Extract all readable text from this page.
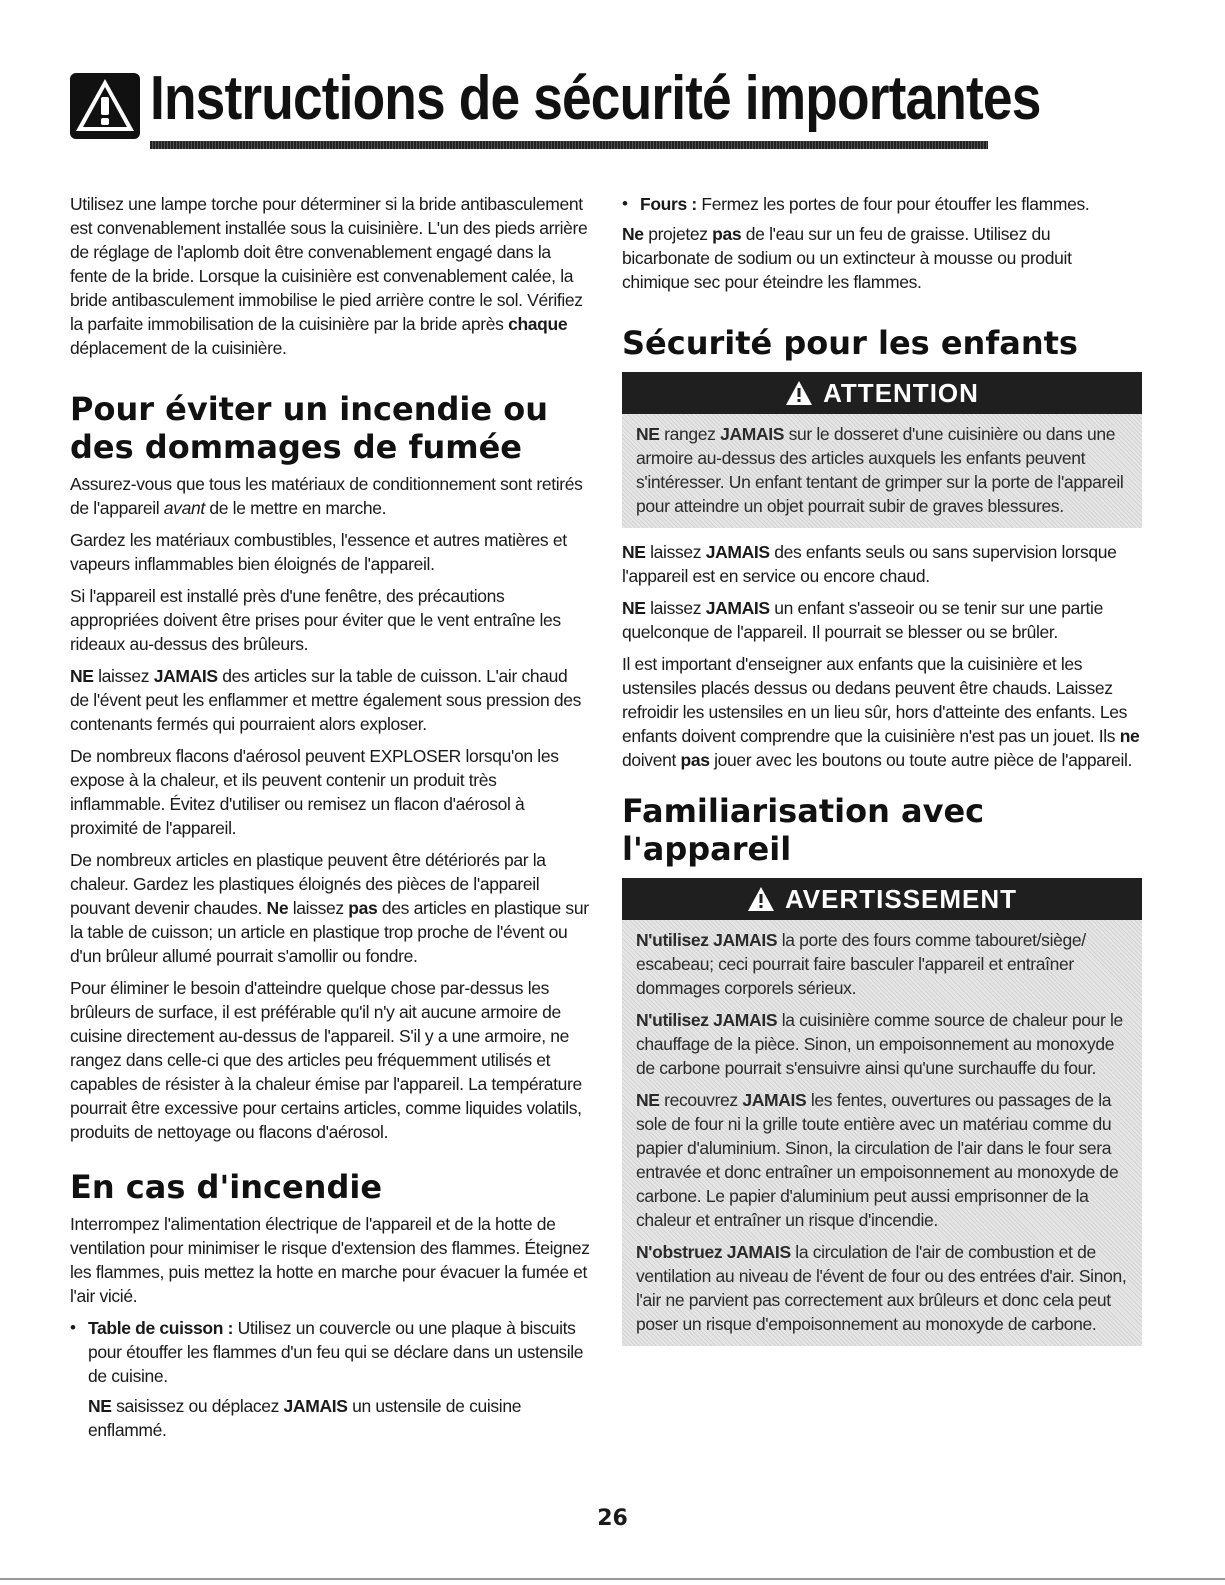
Instructions de sécurité importantes

Utilisez une lampe torche pour déterminer si la bride antibasculement est convenablement installée sous la cuisinière. L'un des pieds arrière de réglage de l'aplomb doit être convenablement engagé dans la fente de la bride. Lorsque la cuisinière est convenablement calée, la bride antibasculement immobilise le pied arrière contre le sol. Vérifiez la parfaite immobilisation de la cuisinière par la bride après chaque déplacement de la cuisinière.

Pour éviter un incendie ou des dommages de fumée

Assurez-vous que tous les matériaux de conditionnement sont retirés de l'appareil avant de le mettre en marche.

Gardez les matériaux combustibles, l'essence et autres matières et vapeurs inflammables bien éloignés de l'appareil.

Si l'appareil est installé près d'une fenêtre, des précautions appropriées doivent être prises pour éviter que le vent entraîne les rideaux au-dessus des brûleurs.

NE laissez JAMAIS des articles sur la table de cuisson. L'air chaud de l'évent peut les enflammer et mettre également sous pression des contenants fermés qui pourraient alors exploser.

De nombreux flacons d'aérosol peuvent EXPLOSER lorsqu'on les expose à la chaleur, et ils peuvent contenir un produit très inflammable. Évitez d'utiliser ou remisez un flacon d'aérosol à proximité de l'appareil.

De nombreux articles en plastique peuvent être détériorés par la chaleur. Gardez les plastiques éloignés des pièces de l'appareil pouvant devenir chaudes. Ne laissez pas des articles en plastique sur la table de cuisson; un article en plastique trop proche de l'évent ou d'un brûleur allumé pourrait s'amollir ou fondre.

Pour éliminer le besoin d'atteindre quelque chose par-dessus les brûleurs de surface, il est préférable qu'il n'y ait aucune armoire de cuisine directement au-dessus de l'appareil. S'il y a une armoire, ne rangez dans celle-ci que des articles peu fréquemment utilisés et capables de résister à la chaleur émise par l'appareil. La température pourrait être excessive pour certains articles, comme liquides volatils, produits de nettoyage ou flacons d'aérosol.

En cas d'incendie

Interrompez l'alimentation électrique de l'appareil et de la hotte de ventilation pour minimiser le risque d'extension des flammes. Éteignez les flammes, puis mettez la hotte en marche pour évacuer la fumée et l'air vicié.

• Table de cuisson : Utilisez un couvercle ou une plaque à biscuits pour étouffer les flammes d'un feu qui se déclare dans un ustensile de cuisine.

NE saisissez ou déplacez JAMAIS un ustensile de cuisine enflammé.

• Fours : Fermez les portes de four pour étouffer les flammes.

Ne projetez pas de l'eau sur un feu de graisse. Utilisez du bicarbonate de sodium ou un extincteur à mousse ou produit chimique sec pour éteindre les flammes.

Sécurité pour les enfants
ATTENTION

NE rangez JAMAIS sur le dosseret d'une cuisinière ou dans une armoire au-dessus des articles auxquels les enfants peuvent s'intéresser. Un enfant tentant de grimper sur la porte de l'appareil pour atteindre un objet pourrait subir de graves blessures.

NE laissez JAMAIS des enfants seuls ou sans supervision lorsque l'appareil est en service ou encore chaud.

NE laissez JAMAIS un enfant s'asseoir ou se tenir sur une partie quelconque de l'appareil. Il pourrait se blesser ou se brûler.

Il est important d'enseigner aux enfants que la cuisinière et les ustensiles placés dessus ou dedans peuvent être chauds. Laissez refroidir les ustensiles en un lieu sûr, hors d'atteinte des enfants. Les enfants doivent comprendre que la cuisinière n'est pas un jouet. Ils ne doivent pas jouer avec les boutons ou toute autre pièce de l'appareil.

Familiarisation avec l'appareil
AVERTISSEMENT

N'utilisez JAMAIS la porte des fours comme tabouret/siège/ escabeau; ceci pourrait faire basculer l'appareil et entraîner dommages corporels sérieux.

N'utilisez JAMAIS la cuisinière comme source de chaleur pour le chauffage de la pièce. Sinon, un empoisonnement au monoxyde de carbone pourrait s'ensuivre ainsi qu'une surchauffe du four.

NE recouvrez JAMAIS les fentes, ouvertures ou passages de la sole de four ni la grille toute entière avec un matériau comme du papier d'aluminium. Sinon, la circulation de l'air dans le four sera entravée et donc entraîner un empoisonnement au monoxyde de carbone. Le papier d'aluminium peut aussi emprisonner de la chaleur et entraîner un risque d'incendie.

N'obstruez JAMAIS la circulation de l'air de combustion et de ventilation au niveau de l'évent de four ou des entrées d'air. Sinon, l'air ne parvient pas correctement aux brûleurs et donc cela peut poser un risque d'empoisonnement au monoxyde de carbone.

26
